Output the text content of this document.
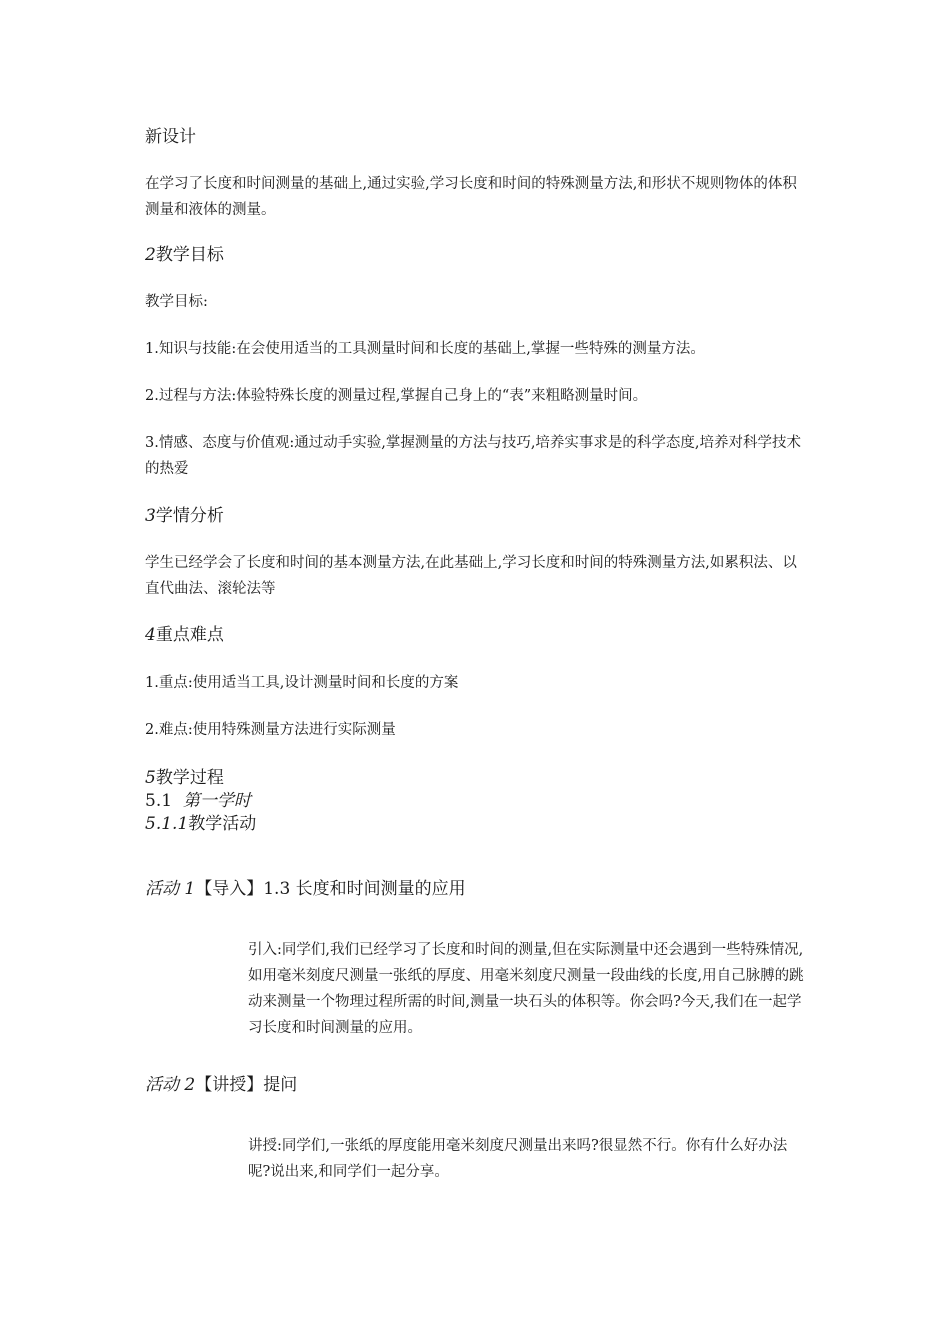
新设计

在学习了长度和时间测量的基础上,通过实验,学习长度和时间的特殊测量方法,和形状不规则物体的体积测量和液体的测量。

2教学目标

教学目标:

1.知识与技能:在会使用适当的工具测量时间和长度的基础上,掌握一些特殊的测量方法。

2.过程与方法:体验特殊长度的测量过程,掌握自己身上的“表”来粗略测量时间。

3.情感、态度与价值观:通过动手实验,掌握测量的方法与技巧,培养实事求是的科学态度,培养对科学技术的热爱

3学情分析

学生已经学会了长度和时间的基本测量方法,在此基础上,学习长度和时间的特殊测量方法,如累积法、以直代曲法、滚轮法等

4重点难点

1.重点:使用适当工具,设计测量时间和长度的方案

2.难点:使用特殊测量方法进行实际测量

5教学过程
5.1 第一学时
5.1.1教学活动

活动 1【导入】1.3 长度和时间测量的应用

引入:同学们,我们已经学习了长度和时间的测量,但在实际测量中还会遇到一些特殊情况,如用毫米刻度尺测量一张纸的厚度、用毫米刻度尺测量一段曲线的长度,用自己脉膊的跳动来测量一个物理过程所需的时间,测量一块石头的体积等。你会吗?今天,我们在一起学习长度和时间测量的应用。

活动 2【讲授】提问

讲授:同学们,一张纸的厚度能用毫米刻度尺测量出来吗?很显然不行。你有什么好办法呢?说出来,和同学们一起分享。
